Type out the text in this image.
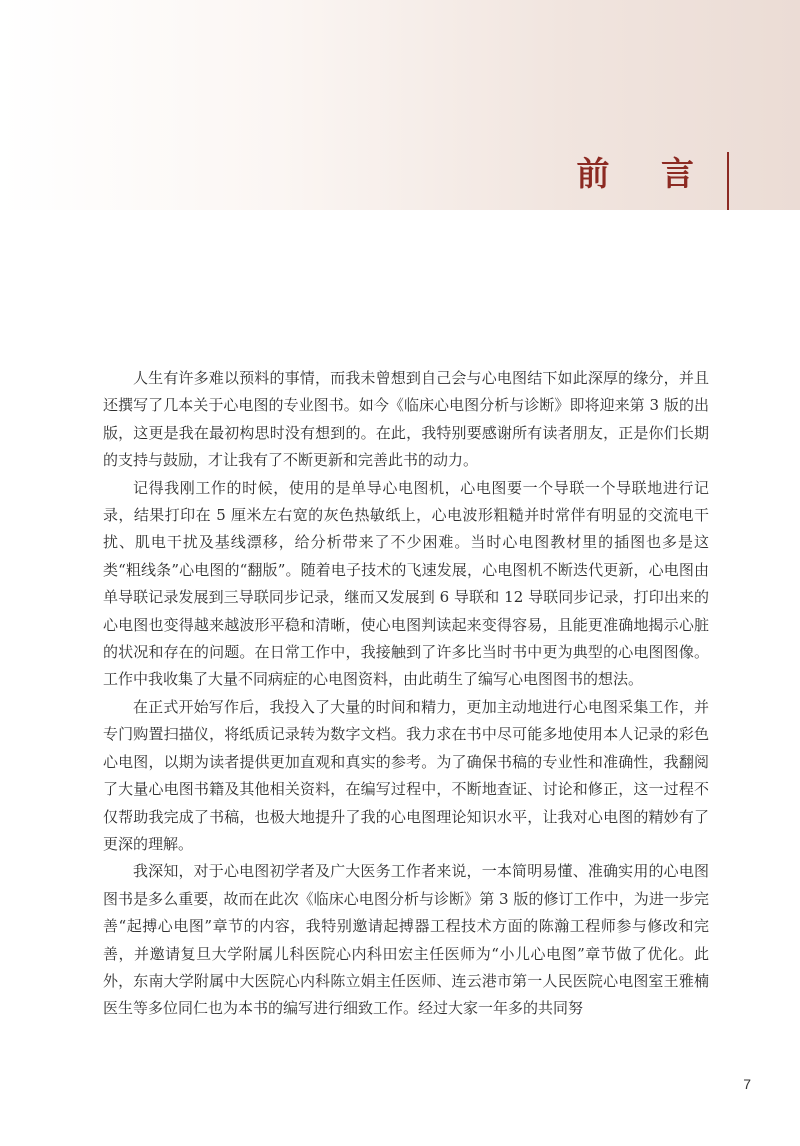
前 言

人生有许多难以预料的事情，而我未曾想到自己会与心电图结下如此深厚的缘分，并且还撰写了几本关于心电图的专业图书。如今《临床心电图分析与诊断》即将迎来第 3 版的出版，这更是我在最初构思时没有想到的。在此，我特别要感谢所有读者朋友，正是你们长期的支持与鼓励，才让我有了不断更新和完善此书的动力。

记得我刚工作的时候，使用的是单导心电图机，心电图要一个导联一个导联地进行记录，结果打印在 5 厘米左右宽的灰色热敏纸上，心电波形粗糙并时常伴有明显的交流电干扰、肌电干扰及基线漂移，给分析带来了不少困难。当时心电图教材里的插图也多是这类“粗线条”心电图的“翻版”。随着电子技术的飞速发展，心电图机不断迭代更新，心电图由单导联记录发展到三导联同步记录，继而又发展到 6 导联和 12 导联同步记录，打印出来的心电图也变得越来越波形平稳和清晰，使心电图判读起来变得容易，且能更准确地揭示心脏的状况和存在的问题。在日常工作中，我接触到了许多比当时书中更为典型的心电图图像。工作中我收集了大量不同病症的心电图资料，由此萌生了编写心电图图书的想法。

在正式开始写作后，我投入了大量的时间和精力，更加主动地进行心电图采集工作，并专门购置扫描仪，将纸质记录转为数字文档。我力求在书中尽可能多地使用本人记录的彩色心电图，以期为读者提供更加直观和真实的参考。为了确保书稿的专业性和准确性，我翻阅了大量心电图书籍及其他相关资料，在编写过程中，不断地查证、讨论和修正，这一过程不仅帮助我完成了书稿，也极大地提升了我的心电图理论知识水平，让我对心电图的精妙有了更深的理解。

我深知，对于心电图初学者及广大医务工作者来说，一本简明易懂、准确实用的心电图图书是多么重要，故而在此次《临床心电图分析与诊断》第 3 版的修订工作中，为进一步完善“起搏心电图”章节的内容，我特别邀请起搏器工程技术方面的陈瀚工程师参与修改和完善，并邀请复旦大学附属儿科医院心内科田宏主任医师为“小儿心电图”章节做了优化。此外，东南大学附属中大医院心内科陈立娟主任医师、连云港市第一人民医院心电图室王雅楠医生等多位同仁也为本书的编写进行细致工作。经过大家一年多的共同努

7
